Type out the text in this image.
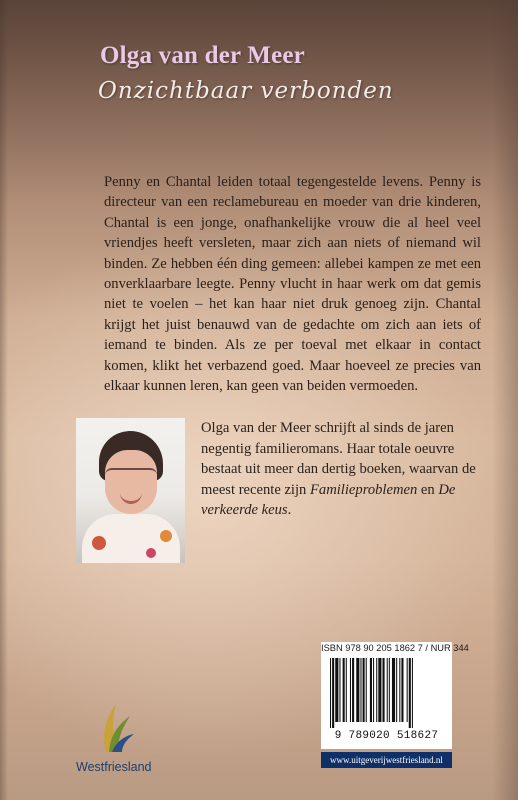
Olga van der Meer
Onzichtbaar verbonden

Penny en Chantal leiden totaal tegengestelde levens. Penny is directeur van een reclamebureau en moeder van drie kinderen, Chantal is een jonge, onafhankelijke vrouw die al heel veel vriendjes heeft versleten, maar zich aan niets of niemand wil binden. Ze hebben één ding gemeen: allebei kampen ze met een onverklaarbare leegte. Penny vlucht in haar werk om dat gemis niet te voelen – het kan haar niet druk genoeg zijn. Chantal krijgt het juist benauwd van de gedachte om zich aan iets of iemand te binden. Als ze per toeval met elkaar in contact komen, klikt het verbazend goed. Maar hoeveel ze precies van elkaar kunnen leren, kan geen van beiden vermoeden.

Olga van der Meer schrijft al sinds de jaren negentig familieromans. Haar totale oeuvre bestaat uit meer dan dertig boeken, waarvan de meest recente zijn Familieproblemen en De verkeerde keus.

ISBN 978 90 205 1862 7 / NUR 344
9 789020 518627
www.uitgeverijwestfriesland.nl
Westfriesland
